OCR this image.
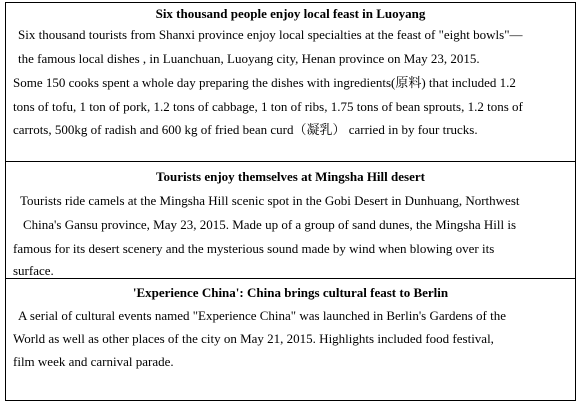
Six thousand people enjoy local feast in Luoyang
Six thousand tourists from Shanxi province enjoy local specialties at the feast of "eight bowls"—
the famous local dishes , in Luanchuan, Luoyang city, Henan province on May 23, 2015.
Some 150 cooks spent a whole day preparing the dishes with ingredients(原料) that included 1.2
tons of tofu, 1 ton of pork, 1.2 tons of cabbage, 1 ton of ribs, 1.75 tons of bean sprouts, 1.2 tons of
carrots, 500kg of radish and 600 kg of fried bean curd（凝乳） carried in by four trucks.
Tourists enjoy themselves at Mingsha Hill desert
Tourists ride camels at the Mingsha Hill scenic spot in the Gobi Desert in Dunhuang, Northwest
China's Gansu province, May 23, 2015. Made up of a group of sand dunes, the Mingsha Hill is
famous for its desert scenery and the mysterious sound made by wind when blowing over its
surface.
'Experience China': China brings cultural feast to Berlin
A serial of cultural events named "Experience China" was launched in Berlin's Gardens of the
World as well as other places of the city on May 21, 2015. Highlights included food festival,
film week and carnival parade.
